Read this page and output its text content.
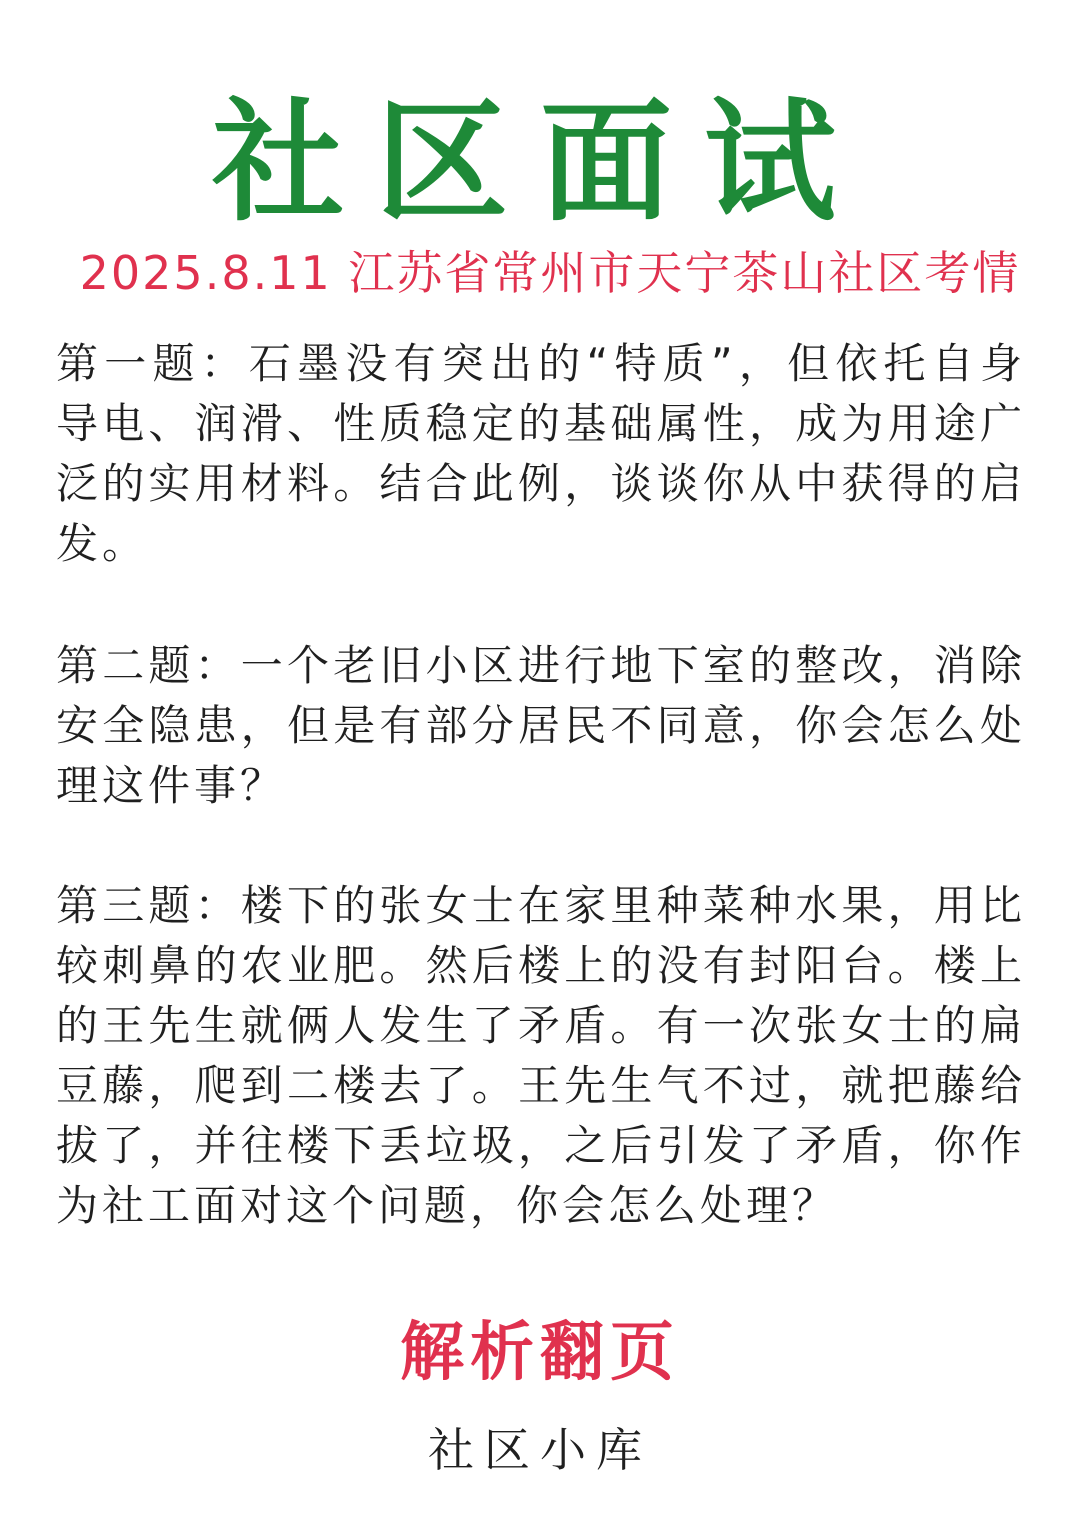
社区面试
2025.8.11 江苏省常州市天宁茶山社区考情
第一题：石墨没有突出的“特质”，但依托自身导电、润滑、性质稳定的基础属性，成为用途广泛的实用材料。结合此例，谈谈你从中获得的启发。
第二题：一个老旧小区进行地下室的整改，消除安全隐患，但是有部分居民不同意，你会怎么处理这件事？
第三题：楼下的张女士在家里种菜种水果，用比较刺鼻的农业肥。然后楼上的没有封阳台。楼上的王先生就俩人发生了矛盾。有一次张女士的扁豆藤，爬到二楼去了。王先生气不过，就把藤给拔了，并往楼下丢垃圾，之后引发了矛盾，你作为社工面对这个问题，你会怎么处理？
解析翻页
社区小库
